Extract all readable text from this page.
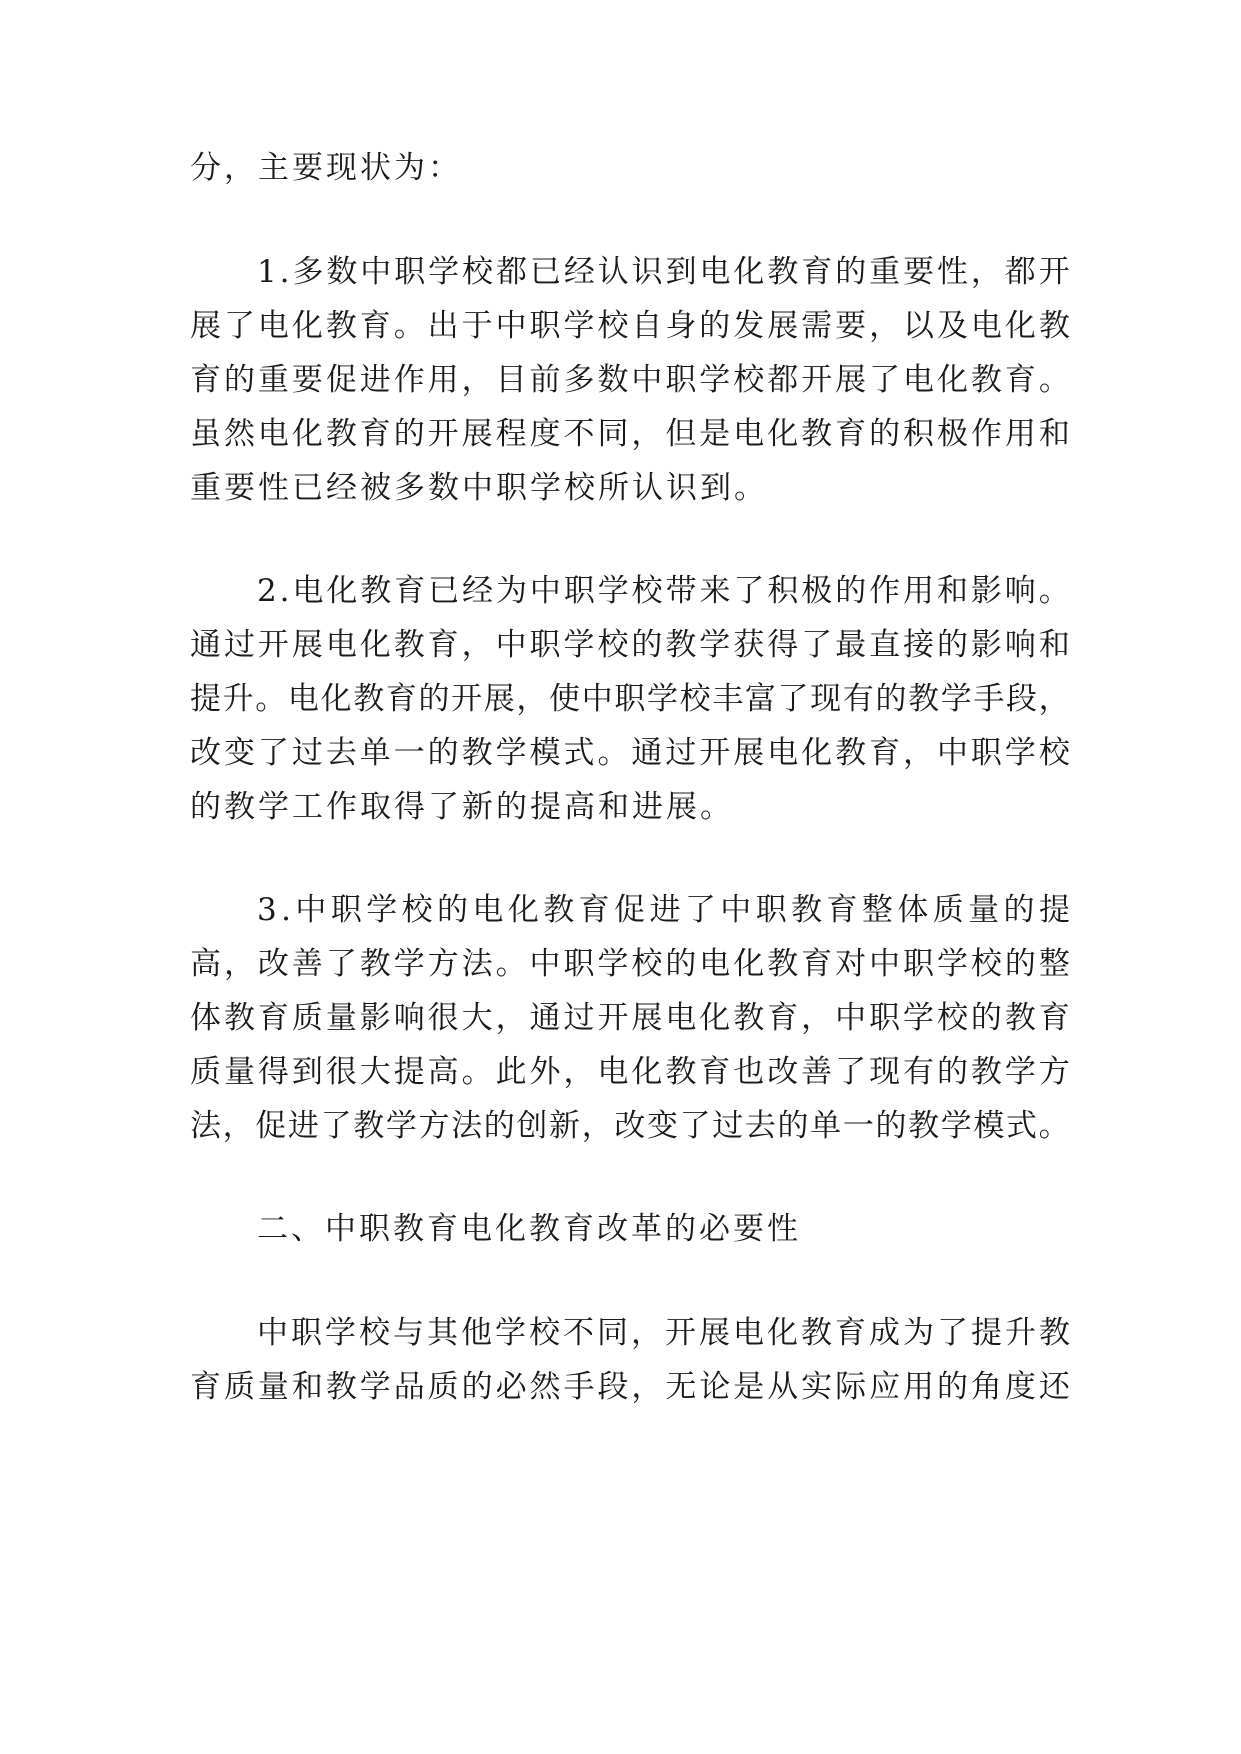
分，主要现状为：

1 . 多 数 中 职 学 校 都 已 经 认 识 到 电 化 教 育 的 重 要 性 ， 都 开

展 了 电 化 教 育 。 出 于 中 职 学 校 自 身 的 发 展 需 要 ， 以 及 电 化 教

育 的 重 要 促 进 作 用 ， 目 前 多 数 中 职 学 校 都 开 展 了 电 化 教 育 。

虽 然 电 化 教 育 的 开 展 程 度 不 同 ， 但 是 电 化 教 育 的 积 极 作 用 和

重要性已经被多数中职学校所认识到。

2 . 电 化 教 育 已 经 为 中 职 学 校 带 来 了 积 极 的 作 用 和 影 响 。

通 过 开 展 电 化 教 育 ， 中 职 学 校 的 教 学 获 得 了 最 直 接 的 影 响 和

提 升 。 电 化 教 育 的 开 展 ， 使 中 职 学 校 丰 富 了 现 有 的 教 学 手 段 ，

改 变 了 过 去 单 一 的 教 学 模 式 。 通 过 开 展 电 化 教 育 ， 中 职 学 校

的教学工作取得了新的提高和进展。

3 . 中 职 学 校 的 电 化 教 育 促 进 了 中 职 教 育 整 体 质 量 的 提

高 ， 改 善 了 教 学 方 法 。 中 职 学 校 的 电 化 教 育 对 中 职 学 校 的 整

体 教 育 质 量 影 响 很 大 ， 通 过 开 展 电 化 教 育 ， 中 职 学 校 的 教 育

质 量 得 到 很 大 提 高 。 此 外 ， 电 化 教 育 也 改 善 了 现 有 的 教 学 方

法 ， 促 进 了 教 学 方 法 的 创 新 ， 改 变 了 过 去 的 单 一 的 教 学 模 式 。

二、中职教育电化教育改革的必要性

中 职 学 校 与 其 他 学 校 不 同 ， 开 展 电 化 教 育 成 为 了 提 升 教

育 质 量 和 教 学 品 质 的 必 然 手 段 ， 无 论 是 从 实 际 应 用 的 角 度 还
